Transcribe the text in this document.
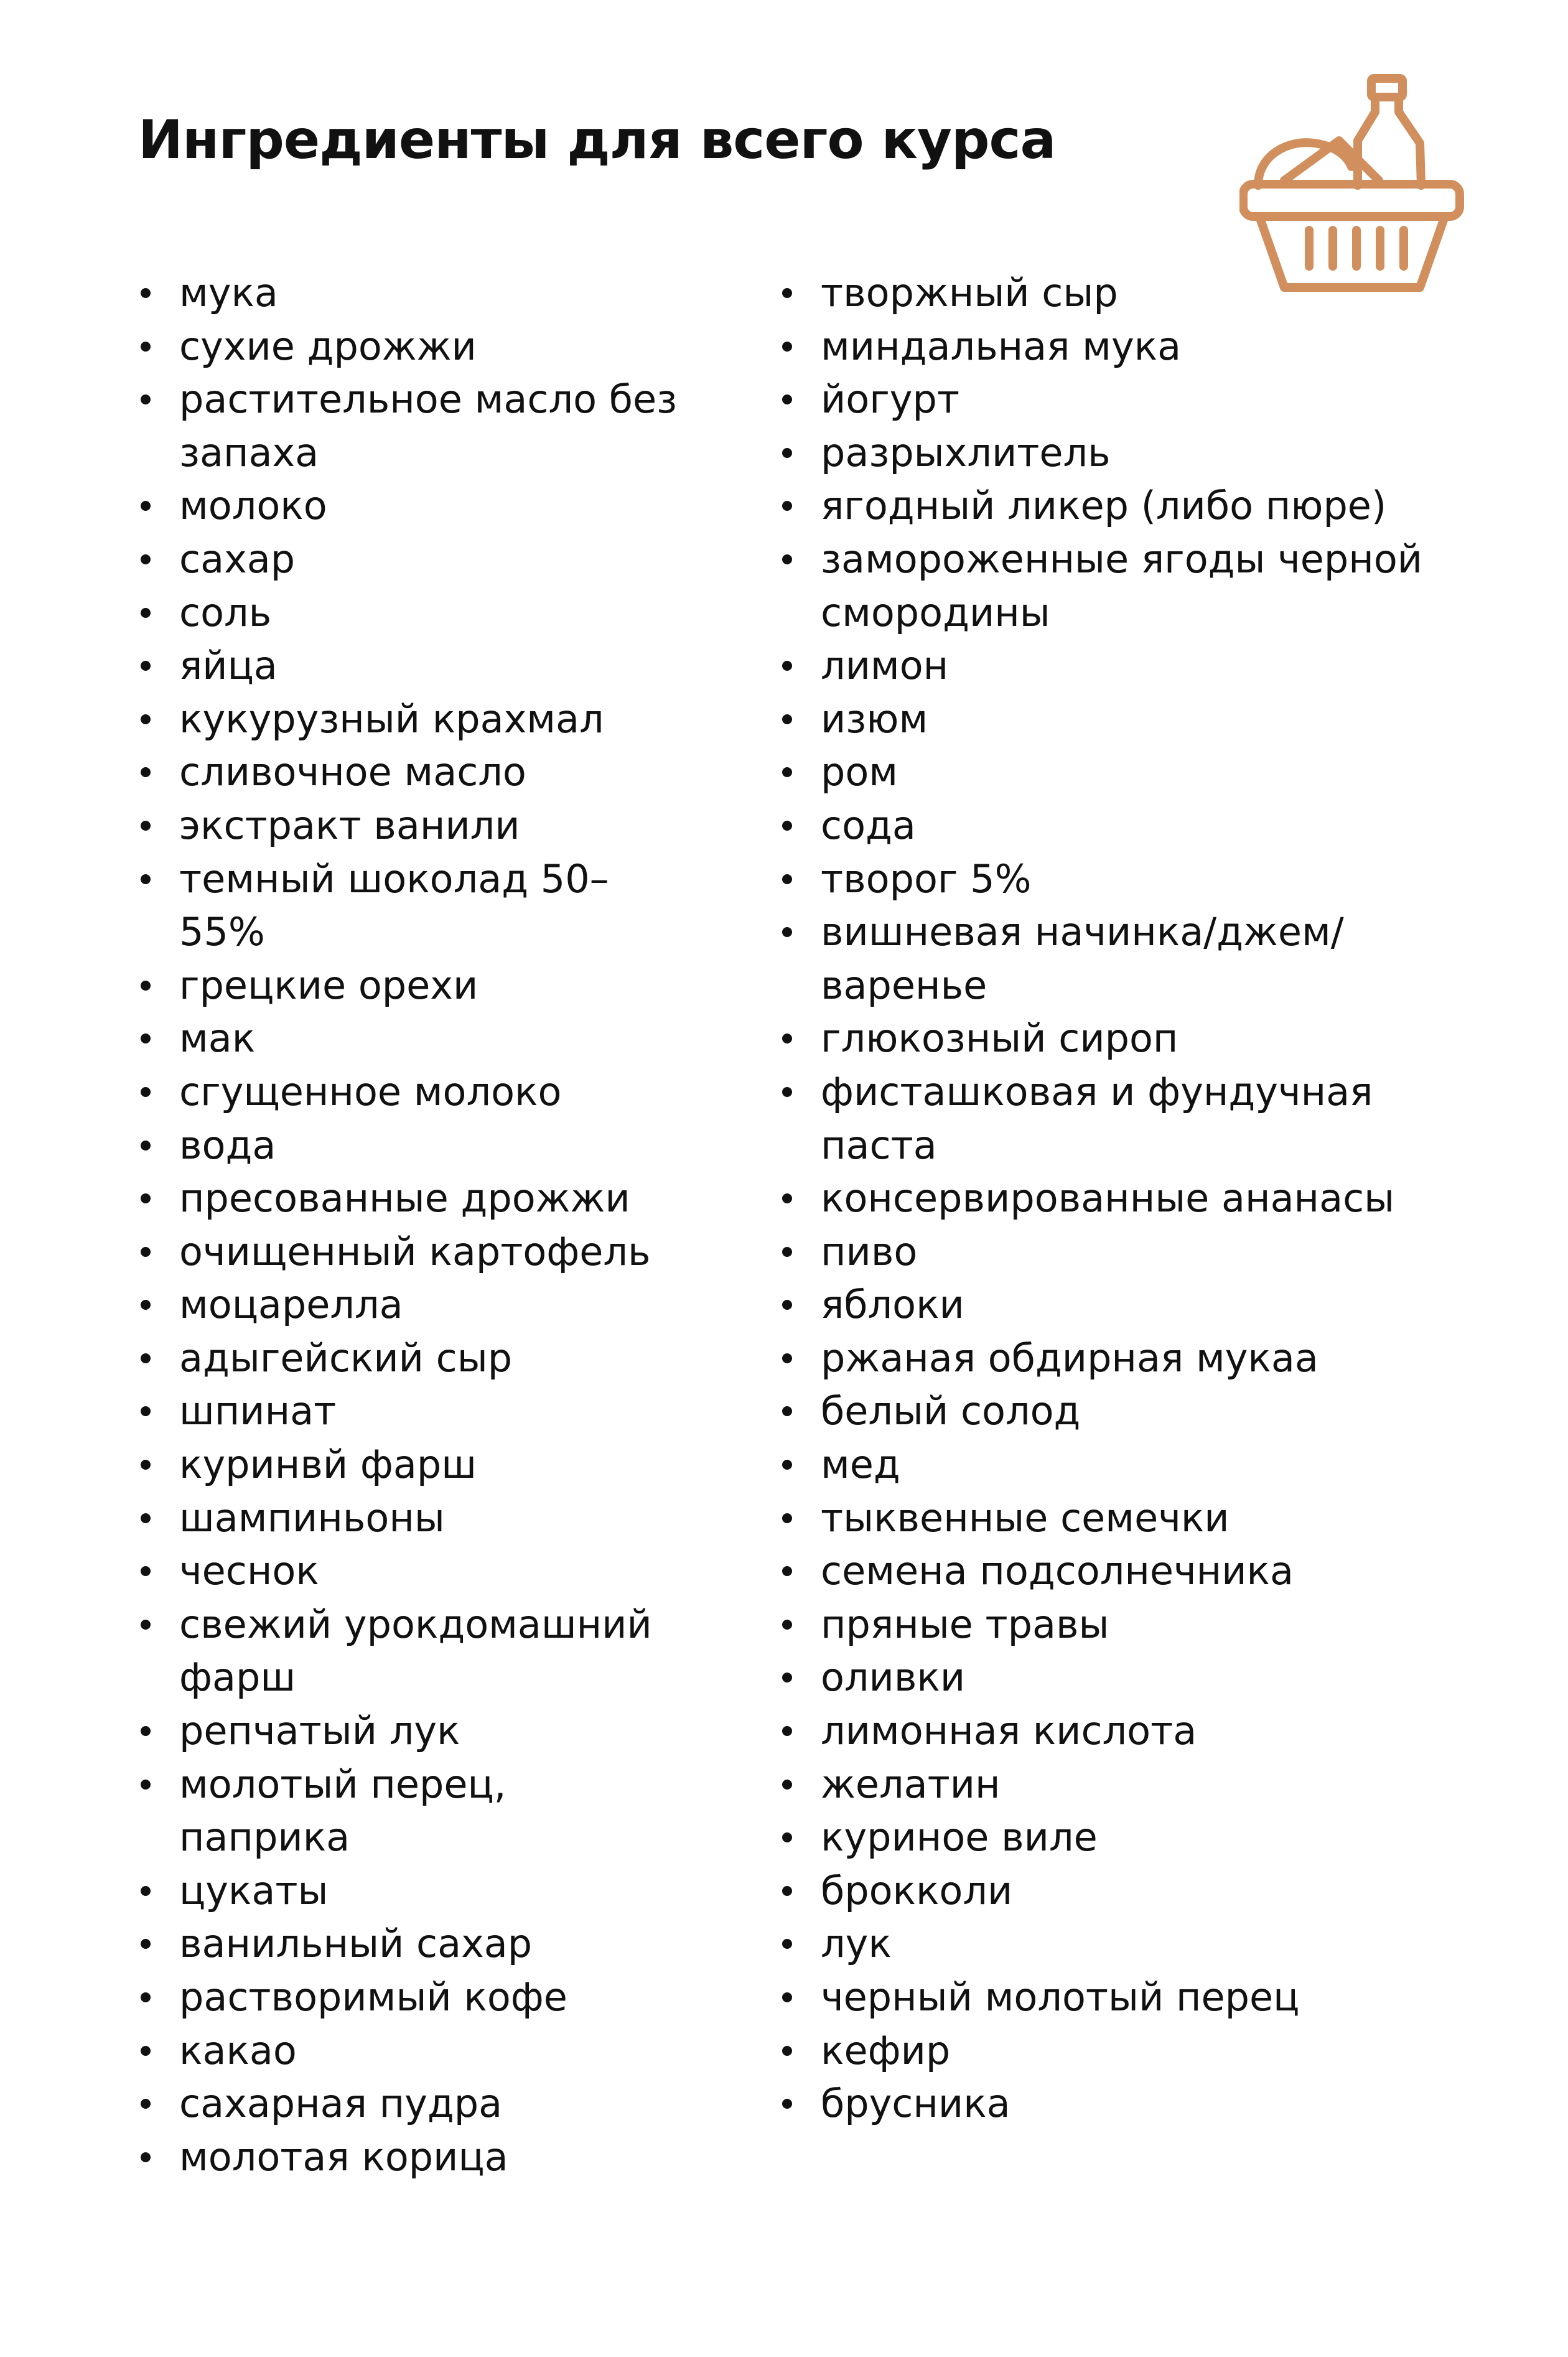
Ингредиенты для всего курса
мука
сухие дрожжи
растительное масло без запаха
молоко
сахар
соль
яйца
кукурузный крахмал
сливочное масло
экстракт ванили
темный шоколад 50–55%
грецкие орехи
мак
сгущенное молоко
вода
пресованные дрожжи
очищенный картофель
моцарелла
адыгейский сыр
шпинат
куринвй фарш
шампиньоны
чеснок
свежий урокдомашний фарш
репчатый лук
молотый перец, паприка
цукаты
ванильный сахар
растворимый кофе
какао
сахарная пудра
молотая корица
творжный сыр
миндальная мука
йогурт
разрыхлитель
ягодный ликер (либо пюре)
замороженные ягоды черной смородины
лимон
изюм
ром
сода
творог 5%
вишневая начинка/джем/варенье
глюкозный сироп
фисташковая и фундучная паста
консервированные ананасы
пиво
яблоки
ржаная обдирная мукаа
белый солод
мед
тыквенные семечки
семена подсолнечника
пряные травы
оливки
лимонная кислота
желатин
куриное виле
брокколи
лук
черный молотый перец
кефир
брусника
